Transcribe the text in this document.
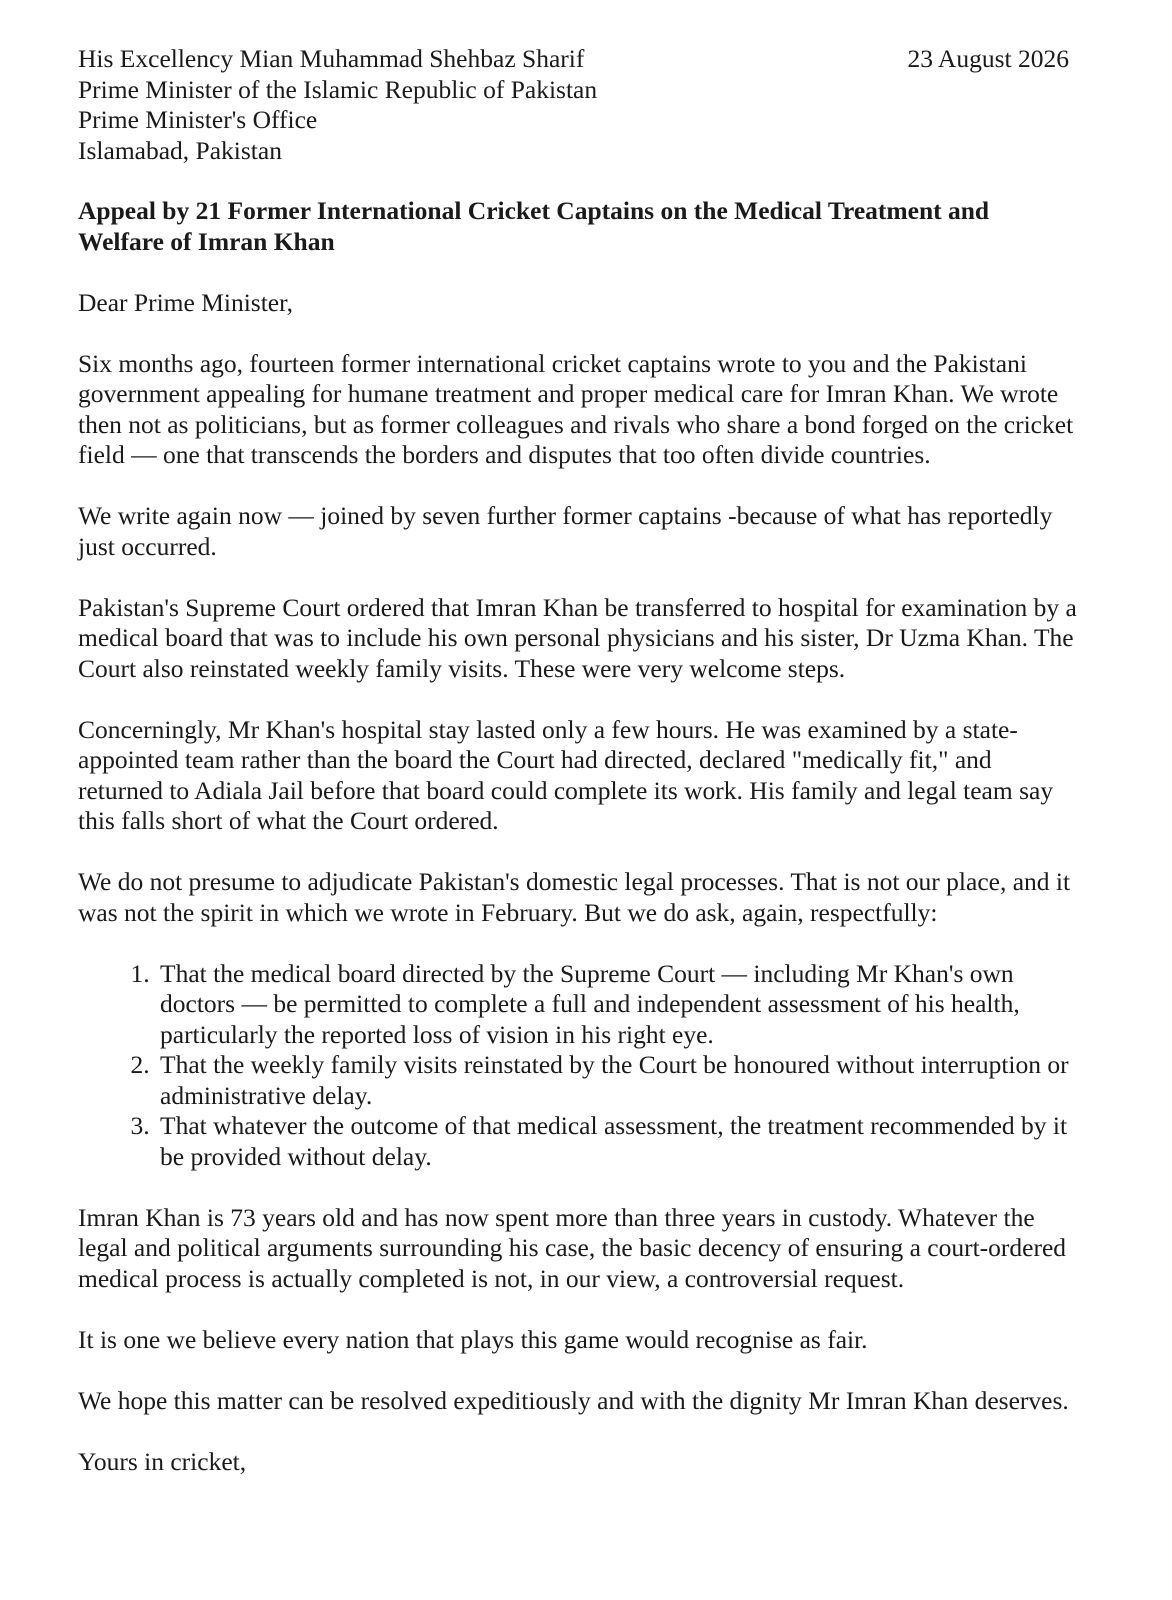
His Excellency Mian Muhammad Shehbaz Sharif
Prime Minister of the Islamic Republic of Pakistan
Prime Minister's Office
Islamabad, Pakistan
23 August 2026
Appeal by 21 Former International Cricket Captains on the Medical Treatment and Welfare of Imran Khan

Dear Prime Minister,

Six months ago, fourteen former international cricket captains wrote to you and the Pakistani government appealing for humane treatment and proper medical care for Imran Khan. We wrote then not as politicians, but as former colleagues and rivals who share a bond forged on the cricket field — one that transcends the borders and disputes that too often divide countries.

We write again now — joined by seven further former captains -because of what has reportedly just occurred.

Pakistan's Supreme Court ordered that Imran Khan be transferred to hospital for examination by a medical board that was to include his own personal physicians and his sister, Dr Uzma Khan. The Court also reinstated weekly family visits. These were very welcome steps.

Concerningly, Mr Khan's hospital stay lasted only a few hours. He was examined by a state-appointed team rather than the board the Court had directed, declared "medically fit," and returned to Adiala Jail before that board could complete its work. His family and legal team say this falls short of what the Court ordered.

We do not presume to adjudicate Pakistan's domestic legal processes. That is not our place, and it was not the spirit in which we wrote in February. But we do ask, again, respectfully:

1. That the medical board directed by the Supreme Court — including Mr Khan's own doctors — be permitted to complete a full and independent assessment of his health, particularly the reported loss of vision in his right eye.
2. That the weekly family visits reinstated by the Court be honoured without interruption or administrative delay.
3. That whatever the outcome of that medical assessment, the treatment recommended by it be provided without delay.

Imran Khan is 73 years old and has now spent more than three years in custody. Whatever the legal and political arguments surrounding his case, the basic decency of ensuring a court-ordered medical process is actually completed is not, in our view, a controversial request.

It is one we believe every nation that plays this game would recognise as fair.

We hope this matter can be resolved expeditiously and with the dignity Mr Imran Khan deserves.

Yours in cricket,
